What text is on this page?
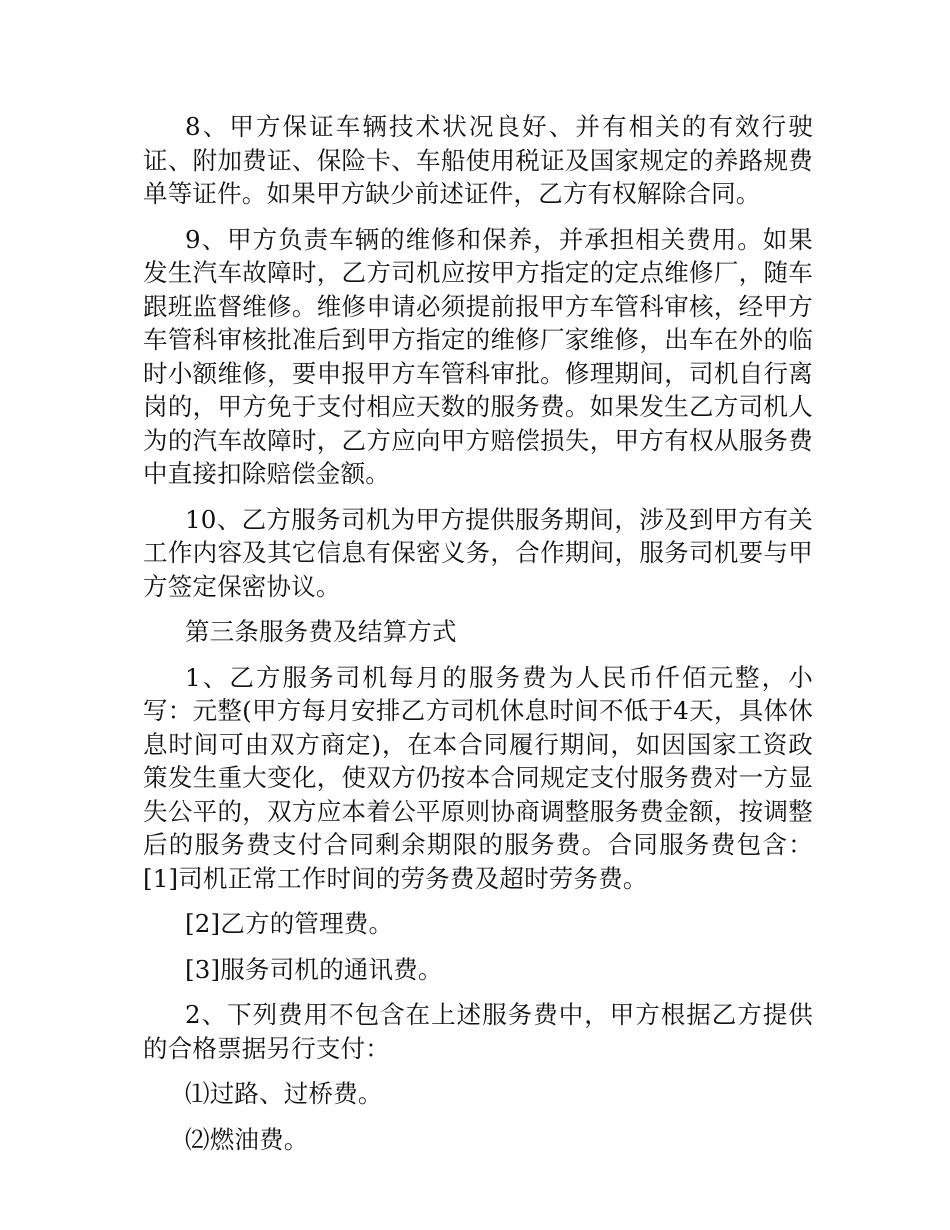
8、甲方保证车辆技术状况良好、并有相关的有效行驶证、附加费证、保险卡、车船使用税证及国家规定的养路规费单等证件。如果甲方缺少前述证件，乙方有权解除合同。

9、甲方负责车辆的维修和保养，并承担相关费用。如果发生汽车故障时，乙方司机应按甲方指定的定点维修厂，随车跟班监督维修。维修申请必须提前报甲方车管科审核，经甲方车管科审核批准后到甲方指定的维修厂家维修，出车在外的临时小额维修，要申报甲方车管科审批。修理期间，司机自行离岗的，甲方免于支付相应天数的服务费。如果发生乙方司机人为的汽车故障时，乙方应向甲方赔偿损失，甲方有权从服务费中直接扣除赔偿金额。

10、乙方服务司机为甲方提供服务期间，涉及到甲方有关工作内容及其它信息有保密义务，合作期间，服务司机要与甲方签定保密协议。

第三条服务费及结算方式

1、乙方服务司机每月的服务费为人民币仟佰元整，小写：元整(甲方每月安排乙方司机休息时间不低于4天，具体休息时间可由双方商定)，在本合同履行期间，如因国家工资政策发生重大变化，使双方仍按本合同规定支付服务费对一方显失公平的，双方应本着公平原则协商调整服务费金额，按调整后的服务费支付合同剩余期限的服务费。合同服务费包含：[1]司机正常工作时间的劳务费及超时劳务费。

[2]乙方的管理费。

[3]服务司机的通讯费。

2、下列费用不包含在上述服务费中，甲方根据乙方提供的合格票据另行支付：

⑴过路、过桥费。

⑵燃油费。
